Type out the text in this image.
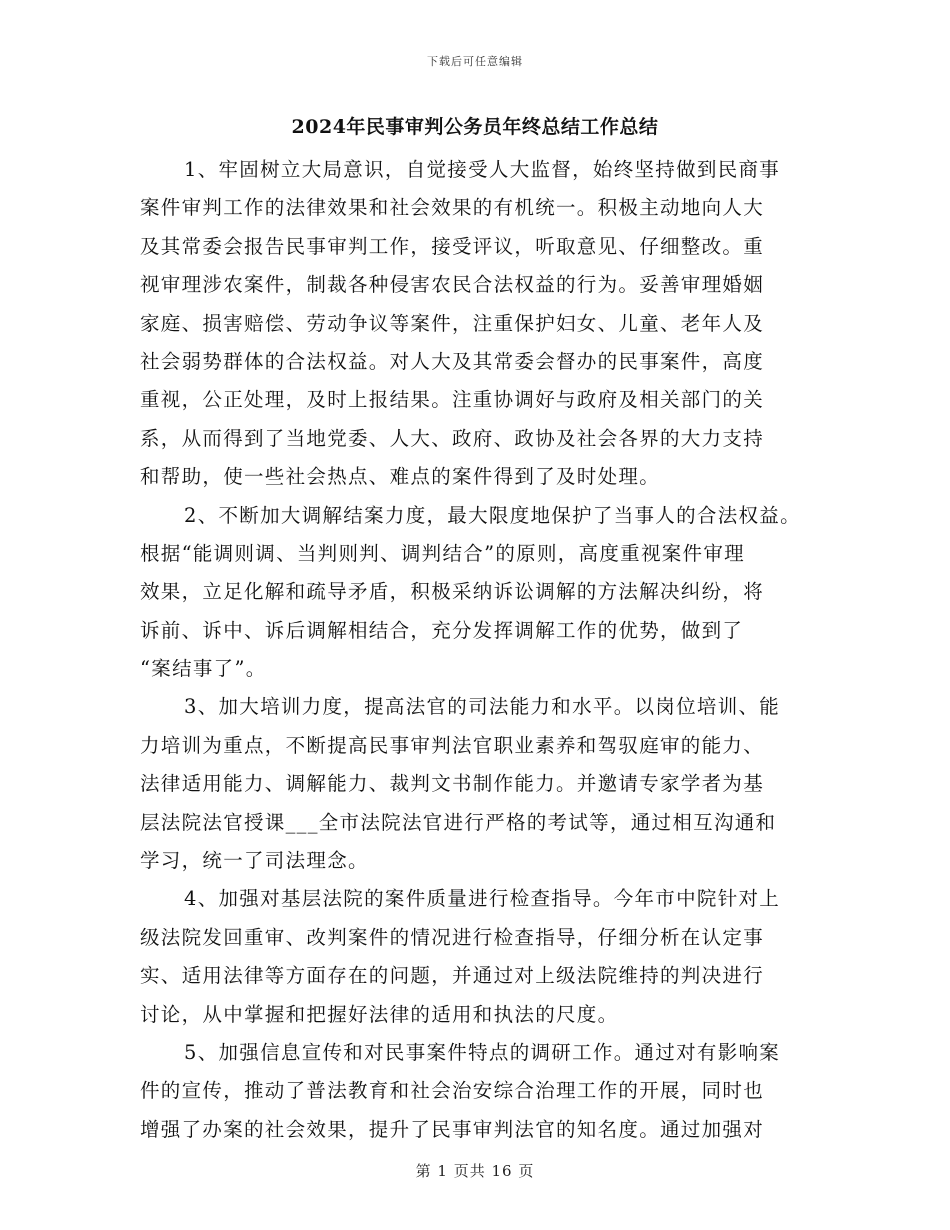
下载后可任意编辑
2024年民事审判公务员年终总结工作总结
1、牢固树立大局意识，自觉接受人大监督，始终坚持做到民商事
案件审判工作的法律效果和社会效果的有机统一。积极主动地向人大
及其常委会报告民事审判工作，接受评议，听取意见、仔细整改。重
视审理涉农案件，制裁各种侵害农民合法权益的行为。妥善审理婚姻
家庭、损害赔偿、劳动争议等案件，注重保护妇女、儿童、老年人及
社会弱势群体的合法权益。对人大及其常委会督办的民事案件，高度
重视，公正处理，及时上报结果。注重协调好与政府及相关部门的关
系，从而得到了当地党委、人大、政府、政协及社会各界的大力支持
和帮助，使一些社会热点、难点的案件得到了及时处理。
2、不断加大调解结案力度，最大限度地保护了当事人的合法权益。
根据“能调则调、当判则判、调判结合”的原则，高度重视案件审理
效果，立足化解和疏导矛盾，积极采纳诉讼调解的方法解决纠纷，将
诉前、诉中、诉后调解相结合，充分发挥调解工作的优势，做到了
“案结事了”。
3、加大培训力度，提高法官的司法能力和水平。以岗位培训、能
力培训为重点，不断提高民事审判法官职业素养和驾驭庭审的能力、
法律适用能力、调解能力、裁判文书制作能力。并邀请专家学者为基
层法院法官授课___全市法院法官进行严格的考试等，通过相互沟通和
学习，统一了司法理念。
4、加强对基层法院的案件质量进行检查指导。今年市中院针对上
级法院发回重审、改判案件的情况进行检查指导，仔细分析在认定事
实、适用法律等方面存在的问题，并通过对上级法院维持的判决进行
讨论，从中掌握和把握好法律的适用和执法的尺度。
5、加强信息宣传和对民事案件特点的调研工作。通过对有影响案
件的宣传，推动了普法教育和社会治安综合治理工作的开展，同时也
增强了办案的社会效果，提升了民事审判法官的知名度。通过加强对
第 1 页共 16 页
